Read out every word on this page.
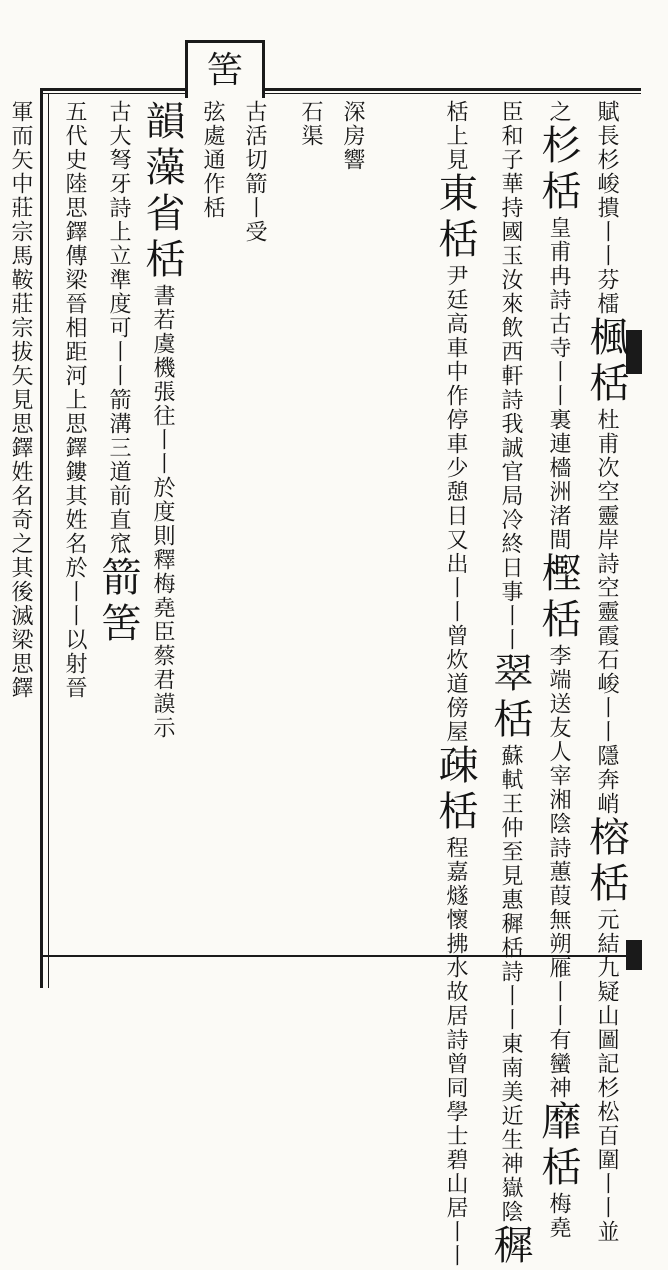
筈
賦長杉峻撌丨丨芬檑楓栝杜甫次空靈岸詩空靈霞石峻丨丨隱奔峭榕栝元結九疑山圖記杉松百圍丨丨並
之杉栝皇甫冉詩古寺丨丨裏連檣洲渚間樫栝李端送友人宰湘陰詩蕙葭無朔雁丨丨有蠻神靡栝梅堯
臣和子華持國玉汝來飲西軒詩我誠官局冷終日事丨丨翠栝蘇軾王仲至見惠穉栝詩丨丨東南美近生神嶽陰穉
栝上見東栝尹廷高車中作停車少憩日又出丨丨曾炊道傍屋疎栝程嘉燧懷拂水故居詩曾同學士碧山居丨丨
深房響
石渠
古活切箭丨受
弦處通作栝
韻藻省栝書若虞機張往丨丨於度則釋梅堯臣蔡君謨示
古大弩牙詩上立準度可丨丨箭溝三道前直窊箭筈
五代史陸思鐸傳梁晉相距河上思鐸鏤其姓名於丨丨以射晉
軍而矢中莊宗馬鞍莊宗拔矢見思鐸姓名奇之其後滅梁思鐸
